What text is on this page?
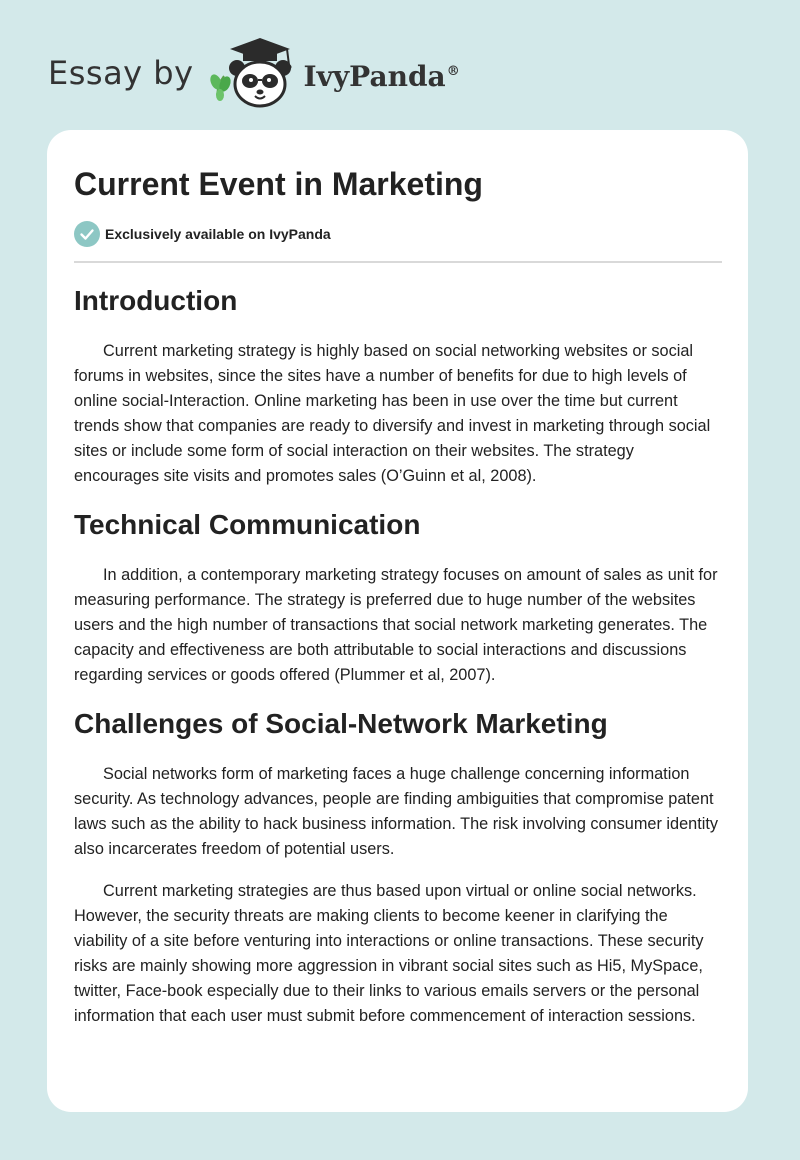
Essay by	IvyPanda®
Current Event in Marketing
Exclusively available on IvyPanda
Introduction

Current marketing strategy is highly based on social networking websites or social forums in websites, since the sites have a number of benefits for due to high levels of online social-Interaction. Online marketing has been in use over the time but current trends show that companies are ready to diversify and invest in marketing through social sites or include some form of social interaction on their websites. The strategy encourages site visits and promotes sales (O’Guinn et al, 2008).

Technical Communication

In addition, a contemporary marketing strategy focuses on amount of sales as unit for measuring performance. The strategy is preferred due to huge number of the websites users and the high number of transactions that social network marketing generates. The capacity and effectiveness are both attributable to social interactions and discussions regarding services or goods offered (Plummer et al, 2007).

Challenges of Social-Network Marketing

Social networks form of marketing faces a huge challenge concerning information security. As technology advances, people are finding ambiguities that compromise patent laws such as the ability to hack business information. The risk involving consumer identity also incarcerates freedom of potential users.

Current marketing strategies are thus based upon virtual or online social networks. However, the security threats are making clients to become keener in clarifying the viability of a site before venturing into interactions or online transactions. These security risks are mainly showing more aggression in vibrant social sites such as Hi5, MySpace, twitter, Face-book especially due to their links to various emails servers or the personal information that each user must submit before commencement of interaction sessions.
